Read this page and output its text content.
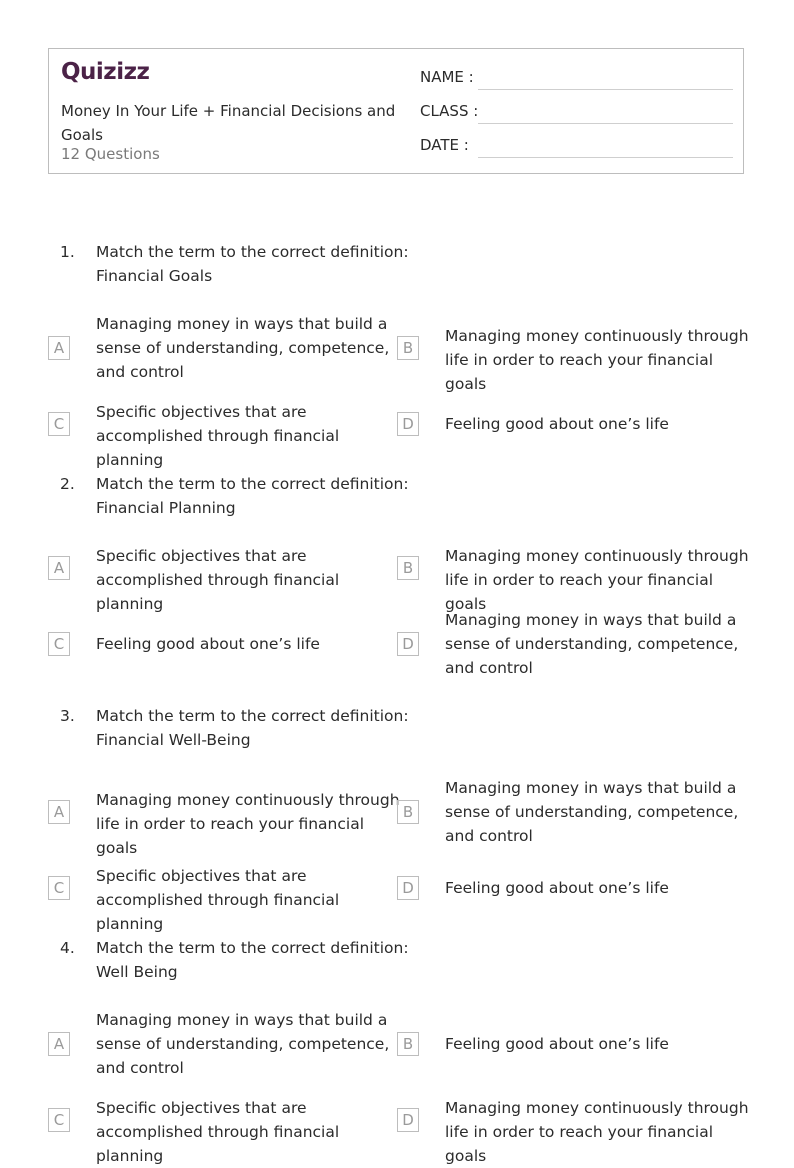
Quizizz
Money In Your Life + Financial Decisions and Goals
12 Questions
NAME :
CLASS :
DATE :
1. Match the term to the correct definition: Financial Goals
A
Managing money in ways that build a sense of understanding, competence, and control
B
Managing money continuously through life in order to reach your financial goals
C
Specific objectives that are accomplished through financial planning
D	Feeling good about one’s life
2. Match the term to the correct definition: Financial Planning
A
Specific objectives that are accomplished through financial planning
B
Managing money continuously through life in order to reach your financial goals
C	Feeling good about one’s life	D
Managing money in ways that build a sense of understanding, competence, and control
3. Match the term to the correct definition: Financial Well-Being
A
Managing money continuously through life in order to reach your financial goals
B
Managing money in ways that build a sense of understanding, competence, and control
C
Specific objectives that are accomplished through financial planning
D	Feeling good about one’s life
4. Match the term to the correct definition: Well Being
A
Managing money in ways that build a sense of understanding, competence, and control
B	Feeling good about one’s life
C
Specific objectives that are accomplished through financial planning
D
Managing money continuously through life in order to reach your financial goals
